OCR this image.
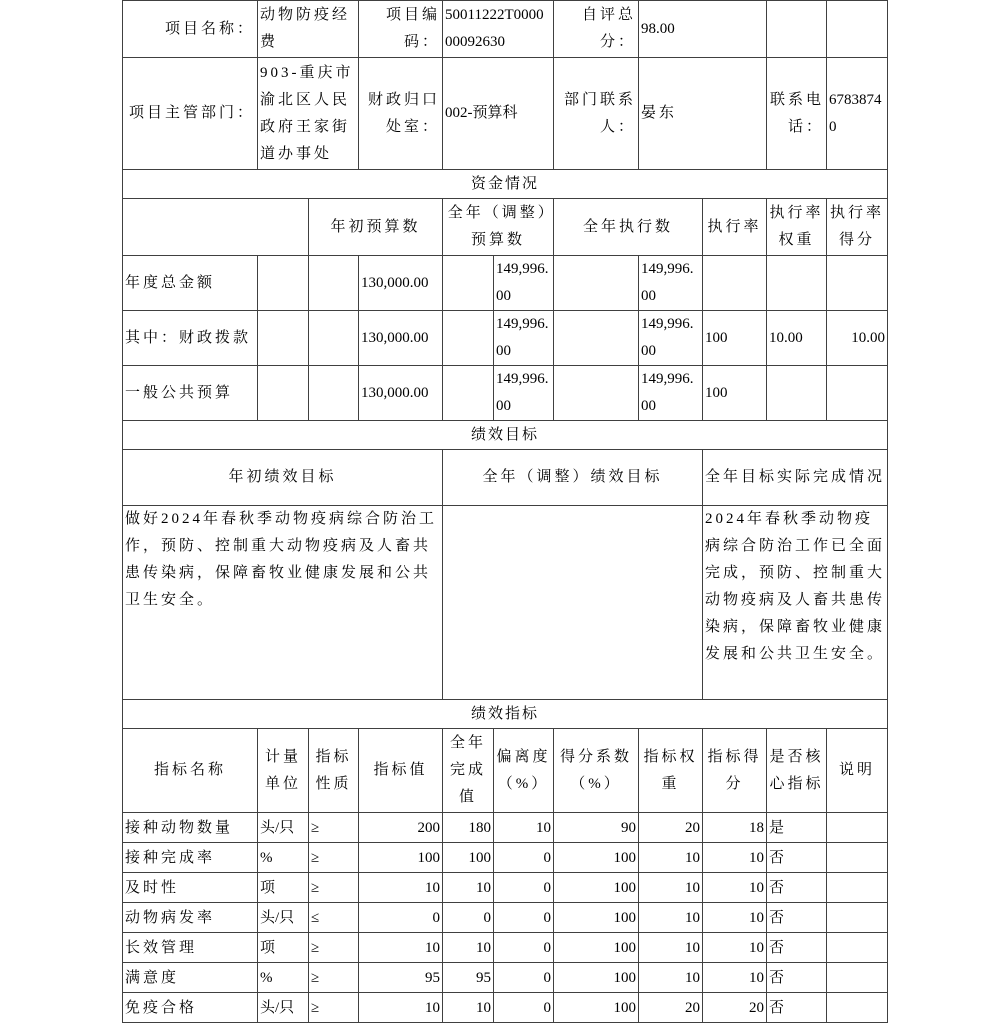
项目名称：	动物防疫经费		项目编码：	50011222T000000092630		自评总分：	98.00			
项目主管部门：	903-重庆市渝北区人民政府王家街道办事处		财政归口处室：	002-预算科		部门联系人：	晏东		联系电话：	67838740
资金情况										
		年初预算数		全年（调整）预算数		全年执行数		执行率	执行率权重	执行率得分
年度总金额			130,000.00		149,996.00		149,996.00			
其中：财政拨款			130,000.00		149,996.00		149,996.00	100	10.00	10.00
一般公共预算			130,000.00		149,996.00		149,996.00	100		
绩效目标										
年初绩效目标				全年（调整）绩效目标				全年目标实际完成情况		
做好2024年春秋季动物疫病综合防治工作，预防、控制重大动物疫病及人畜共患传染病，保障畜牧业健康发展和公共卫生安全。								2024年春秋季动物疫病综合防治工作已全面完成，预防、控制重大动物疫病及人畜共患传染病，保障畜牧业健康发展和公共卫生安全。		
绩效指标										
指标名称	计量单位	指标性质	指标值	全年完成值	偏离度（%）	得分系数（%）	指标权重	指标得分	是否核心指标	说明
接种动物数量	头/只	≥	200	180	10	90	20	18	是	
接种完成率	%	≥	100	100	0	100	10	10	否	
及时性	项	≥	10	10	0	100	10	10	否	
动物病发率	头/只	≤	0	0	0	100	10	10	否	
长效管理	项	≥	10	10	0	100	10	10	否	
满意度	%	≥	95	95	0	100	10	10	否	
免疫合格	头/只	≥	10	10	0	100	20	20	否	
